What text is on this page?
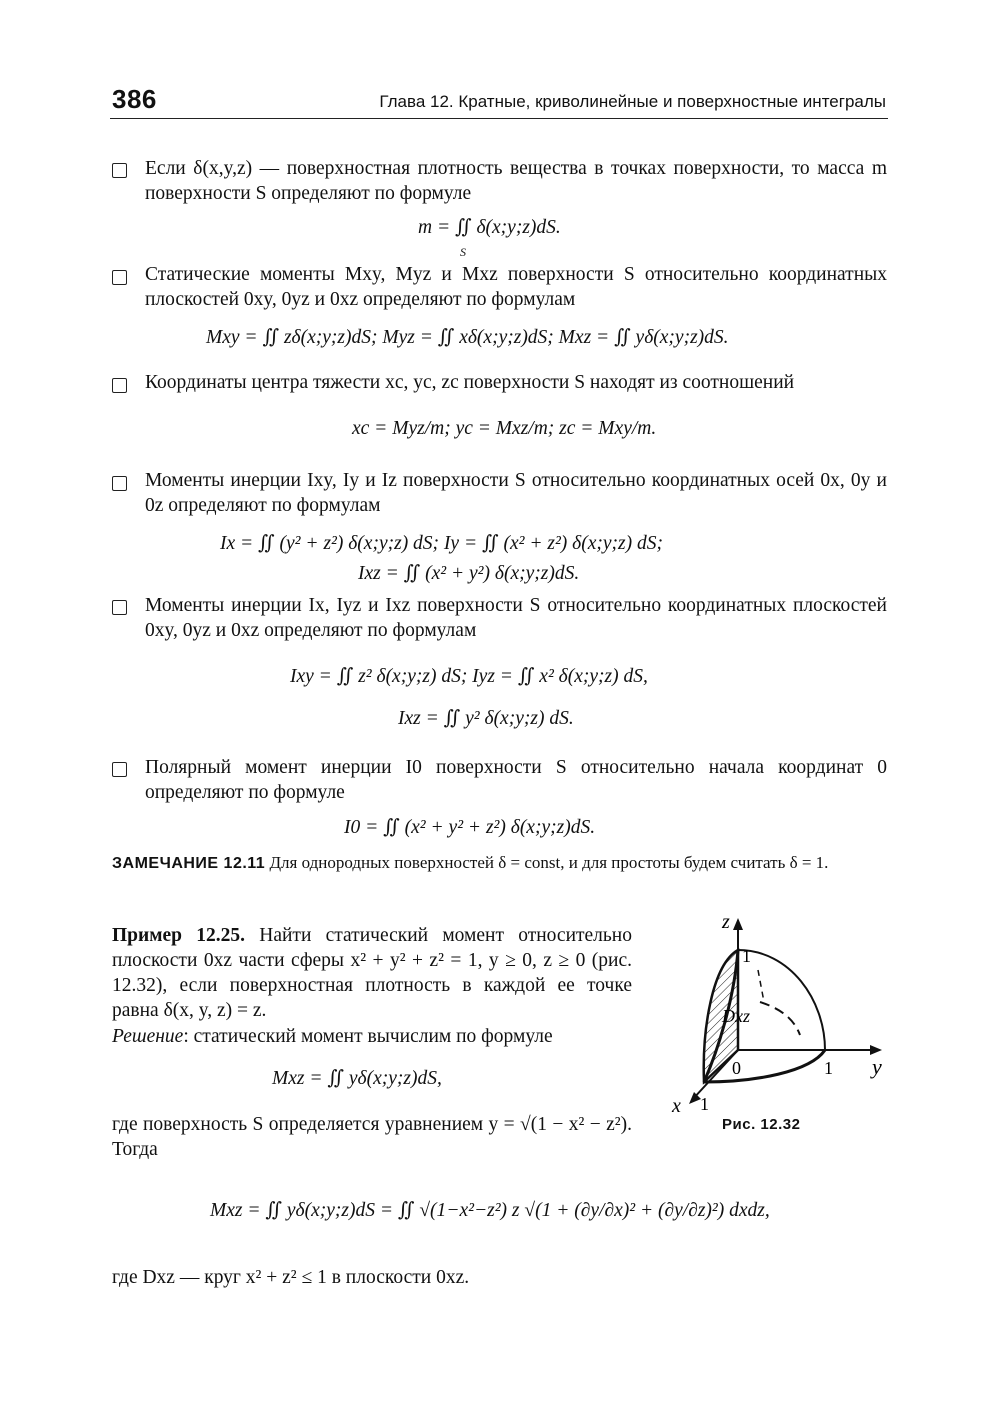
386	Глава 12. Кратные, криволинейные и поверхностные интегралы
Если δ(x,y,z) — поверхностная плотность вещества в точках поверхности, то масса m поверхности S определяют по формуле
m = ∬ δ(x;y;z)dS.
S
Статические моменты Mxy, Myz и Mxz поверхности S относительно координатных плоскостей 0xy, 0yz и 0xz определяют по формулам
Mxy = ∬ zδ(x;y;z)dS; Myz = ∬ xδ(x;y;z)dS; Mxz = ∬ yδ(x;y;z)dS.
Координаты центра тяжести xc, yc, zc поверхности S находят из соотношений
xc = Myz/m; yc = Mxz/m; zc = Mxy/m.
Моменты инерции Ixy, Iy и Iz поверхности S относительно координатных осей 0x, 0y и 0z определяют по формулам
Ix = ∬ (y² + z²) δ(x;y;z) dS; Iy = ∬ (x² + z²) δ(x;y;z) dS;
Ixz = ∬ (x² + y²) δ(x;y;z)dS.
Моменты инерции Ix, Iyz и Ixz поверхности S относительно координатных плоскостей 0xy, 0yz и 0xz определяют по формулам
Ixy = ∬ z² δ(x;y;z) dS; Iyz = ∬ x² δ(x;y;z) dS,
Ixz = ∬ y² δ(x;y;z) dS.
Полярный момент инерции I0 поверхности S относительно начала координат 0 определяют по формуле
I0 = ∬ (x² + y² + z²) δ(x;y;z)dS.
ЗАМЕЧАНИЕ 12.11 Для однородных поверхностей δ = const, и для простоты будем считать δ = 1.
Пример 12.25. Найти статический момент относительно плоскости 0xz части сферы x² + y² + z² = 1, y ≥ 0, z ≥ 0 (рис. 12.32), если поверхностная плотность в каждой ее точке равна δ(x, y, z) = z.
Решение: статический момент вычислим по формуле
Mxz = ∬ yδ(x;y;z)dS,
где поверхность S определяется уравнением y = √(1 − x² − z²). Тогда
Mxz = ∬ yδ(x;y;z)dS = ∬ √(1−x²−z²) z √(1 + (∂y/∂x)² + (∂y/∂z)²) dxdz,
где Dxz — круг x² + z² ≤ 1 в плоскости 0xz.
z
1
y
1
x 1
0
Dxz
Рис. 12.32
